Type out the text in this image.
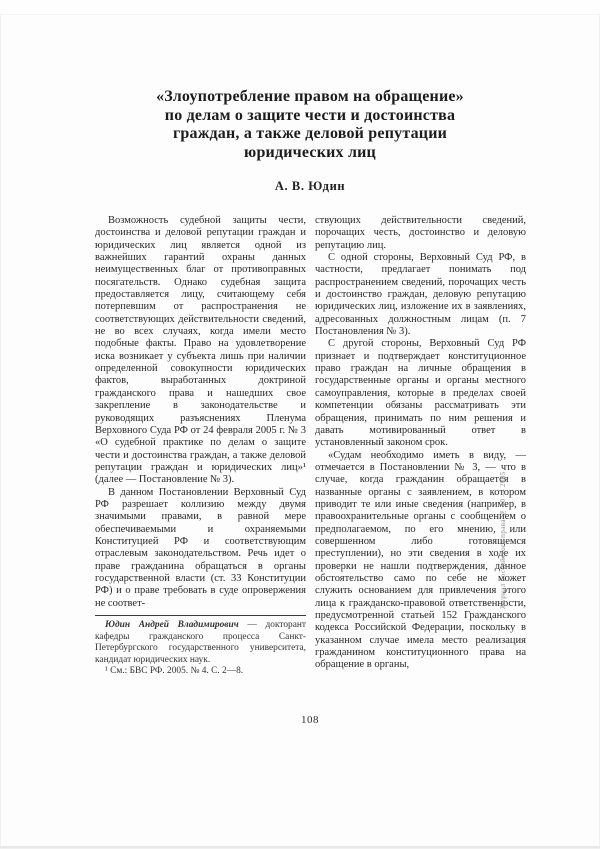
«Злоупотребление правом на обращение»
по делам о защите чести и достоинства
граждан, а также деловой репутации
юридических лиц
А. В. Юдин

Возможность судебной защиты чести, достоинства и деловой репутации граждан и юридических лиц является одной из важнейших гарантий охраны данных неимущественных благ от противоправных посягательств. Однако судебная защита предоставляется лицу, считающему себя потерпевшим от распространения не соответствующих действительности сведений, не во всех случаях, когда имели место подобные факты. Право на удовлетворение иска возникает у субъекта лишь при наличии определенной совокупности юридических фактов, выработанных доктриной гражданского права и нашедших свое закрепление в законодательстве и руководящих разъяснениях Пленума Верховного Суда РФ от 24 февраля 2005 г. № 3 «О судебной практике по делам о защите чести и достоинства граждан, а также деловой репутации граждан и юридических лиц»¹ (далее — Постановление № 3).

В данном Постановлении Верховный Суд РФ разрешает коллизию между двумя значимыми правами, в равной мере обеспечиваемыми и охраняемыми Конституцией РФ и соответствующим отраслевым законодательством. Речь идет о праве гражданина обращаться в органы государственной власти (ст. 33 Конституции РФ) и о праве требовать в суде опровержения не соответ-

Юдин Андрей Владимирович — докторант кафедры гражданского процесса Санкт-Петербургского государственного университета, кандидат юридических наук.

¹ См.: БВС РФ. 2005. № 4. С. 2—8.

ствующих действительности сведений, порочащих честь, достоинство и деловую репутацию лиц.

С одной стороны, Верховный Суд РФ, в частности, предлагает понимать под распространением сведений, порочащих честь и достоинство граждан, деловую репутацию юридических лиц, изложение их в заявлениях, адресованных должностным лицам (п. 7 Постановления № 3).

С другой стороны, Верховный Суд РФ признает и подтверждает конституционное право граждан на личные обращения в государственные органы и органы местного самоуправления, которые в пределах своей компетенции обязаны рассматривать эти обращения, принимать по ним решения и давать мотивированный ответ в установленный законом срок.

«Судам необходимо иметь в виду, — отмечается в Постановлении № 3, — что в случае, когда гражданин обращается в названные органы с заявлением, в котором приводит те или иные сведения (например, в правоохранительные органы с сообщением о предполагаемом, по его мнению, или совершенном либо готовящемся преступлении), но эти сведения в ходе их проверки не нашли подтверждения, данное обстоятельство само по себе не может служить основанием для привлечения этого лица к гражданско-правовой ответственности, предусмотренной статьей 152 Гражданского кодекса Российской Федерации, поскольку в указанном случае имела место реализация гражданином конституционного права на обращение в органы,

108
Журнал российского права № 10 — 2005
